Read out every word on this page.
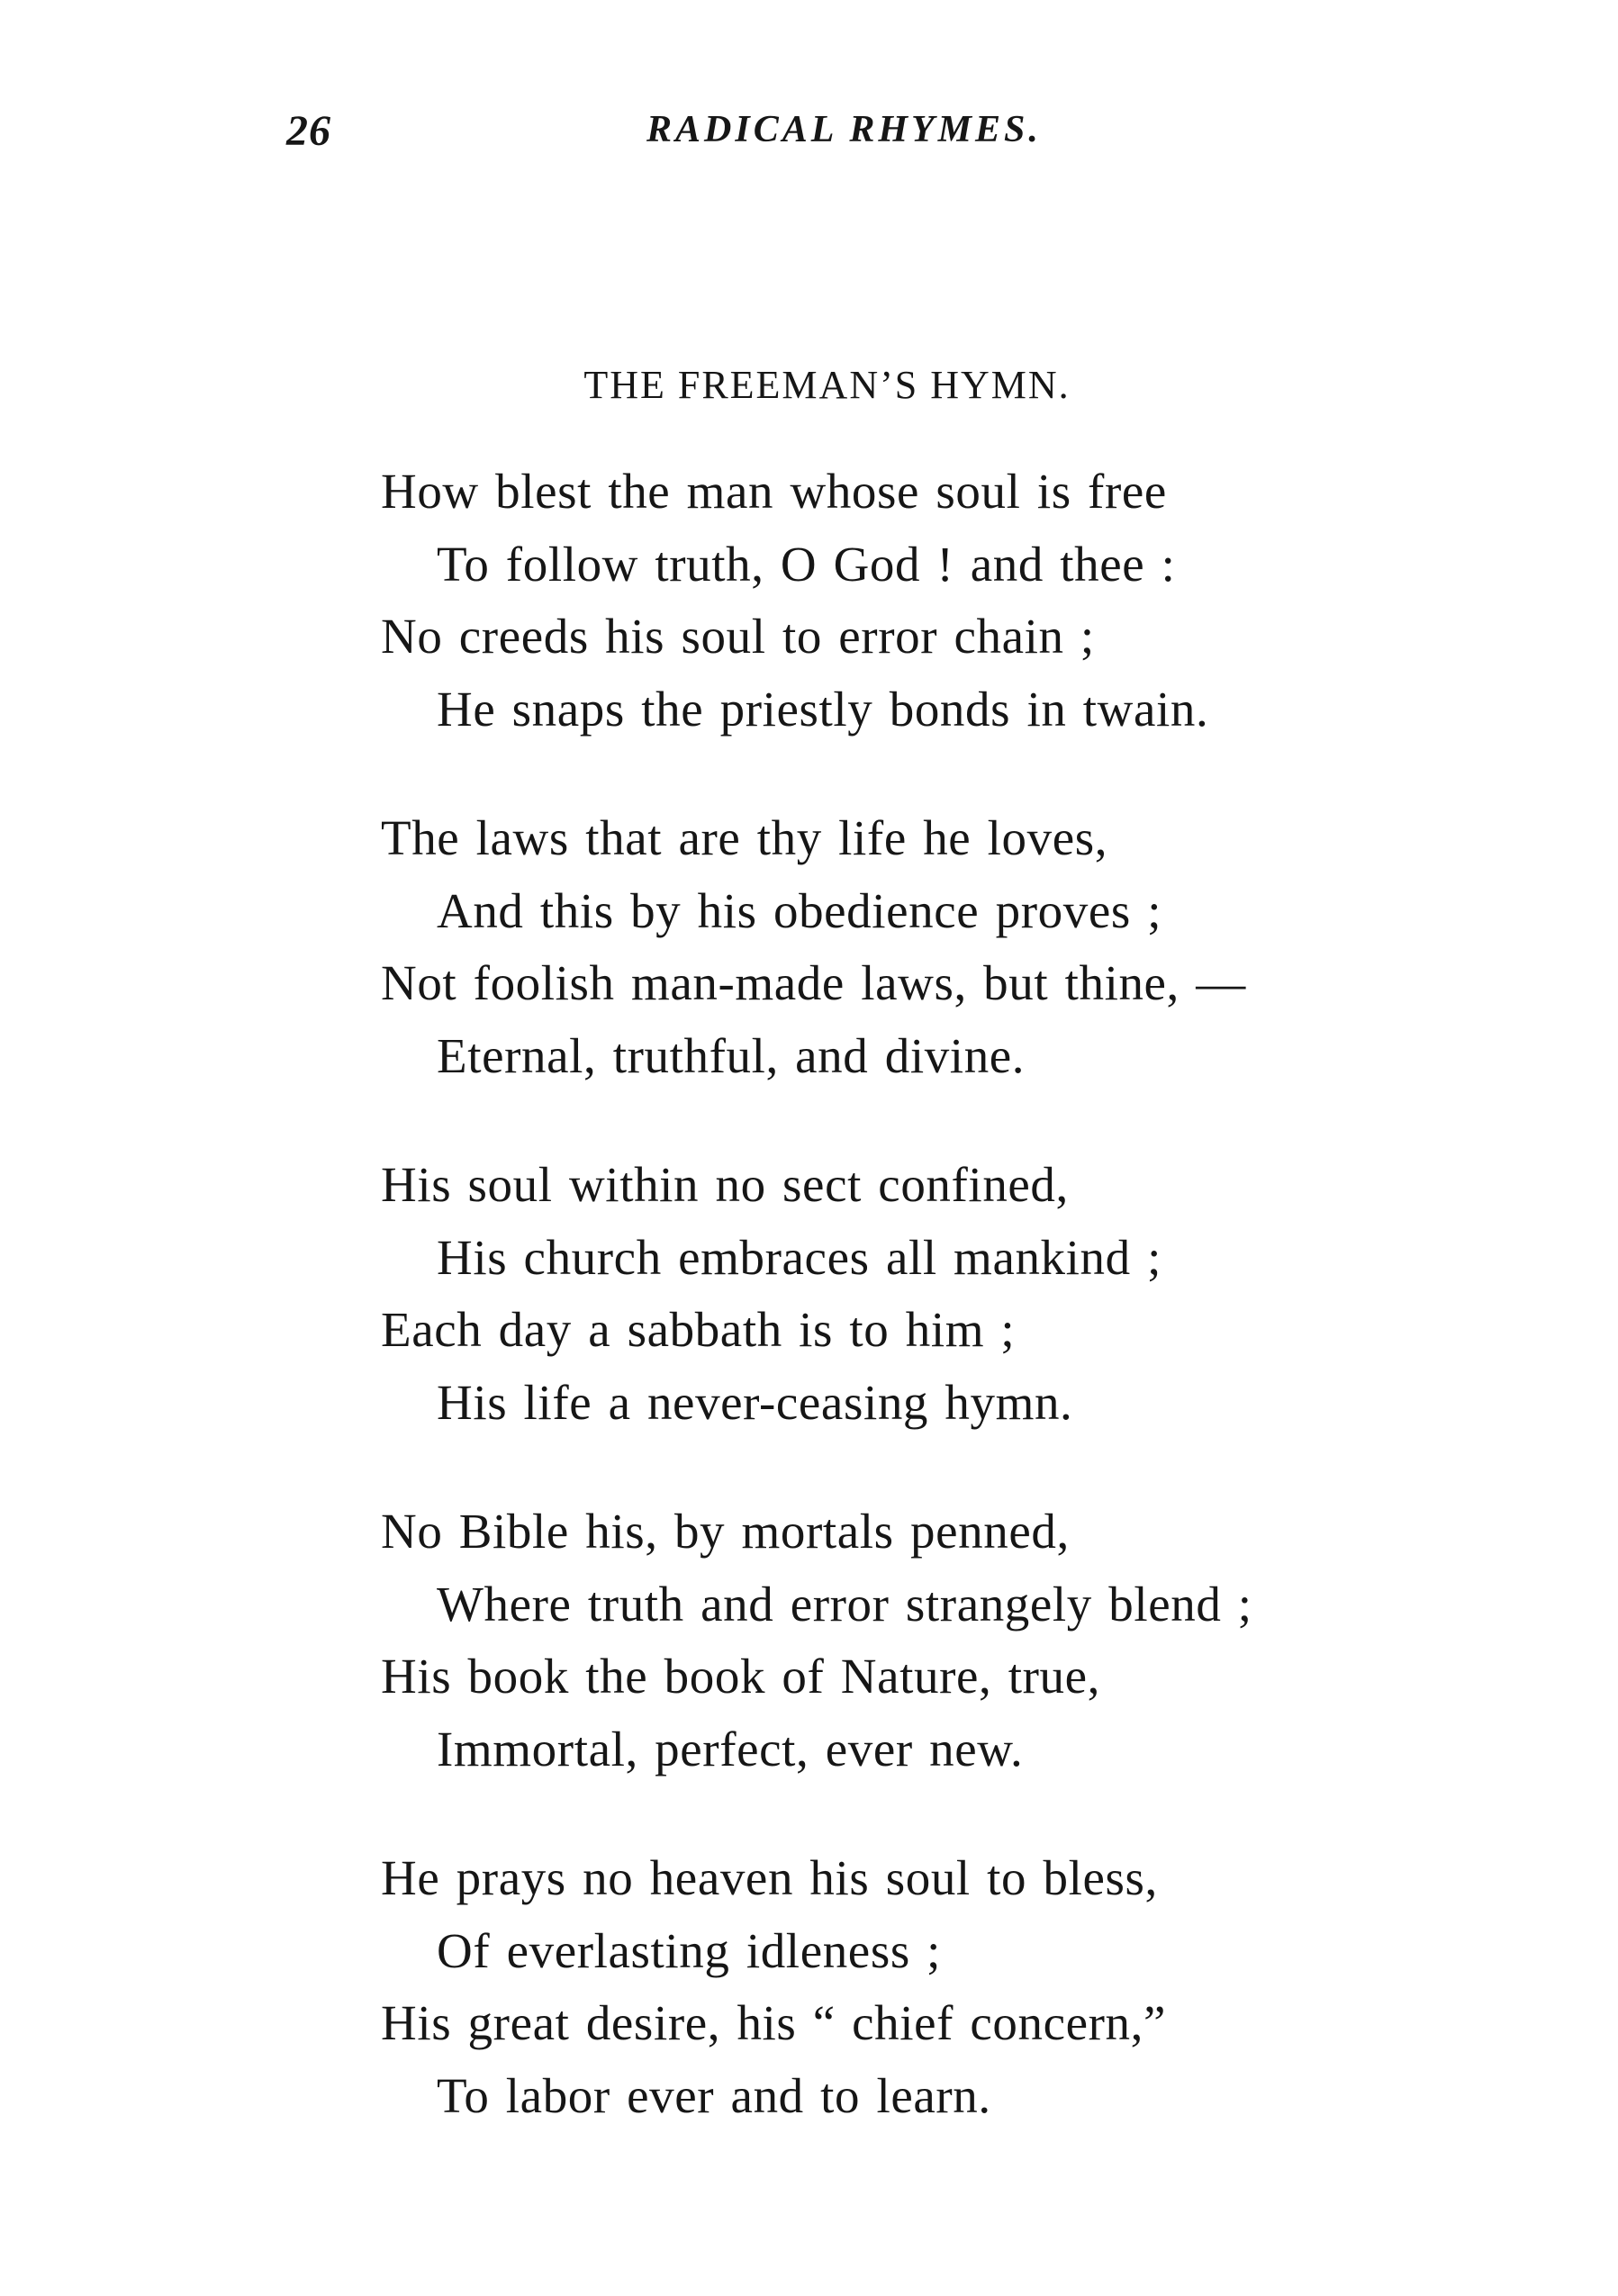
26	RADICAL RHYMES.
THE FREEMAN’S HYMN.
How blest the man whose soul is free
To follow truth, O God ! and thee :
No creeds his soul to error chain ;
He snaps the priestly bonds in twain.
The laws that are thy life he loves,
And this by his obedience proves ;
Not foolish man-made laws, but thine, —
Eternal, truthful, and divine.
His soul within no sect confined,
His church embraces all mankind ;
Each day a sabbath is to him ;
His life a never-ceasing hymn.
No Bible his, by mortals penned,
Where truth and error strangely blend ;
His book the book of Nature, true,
Immortal, perfect, ever new.
He prays no heaven his soul to bless,
Of everlasting idleness ;
His great desire, his “ chief concern,”
To labor ever and to learn.
